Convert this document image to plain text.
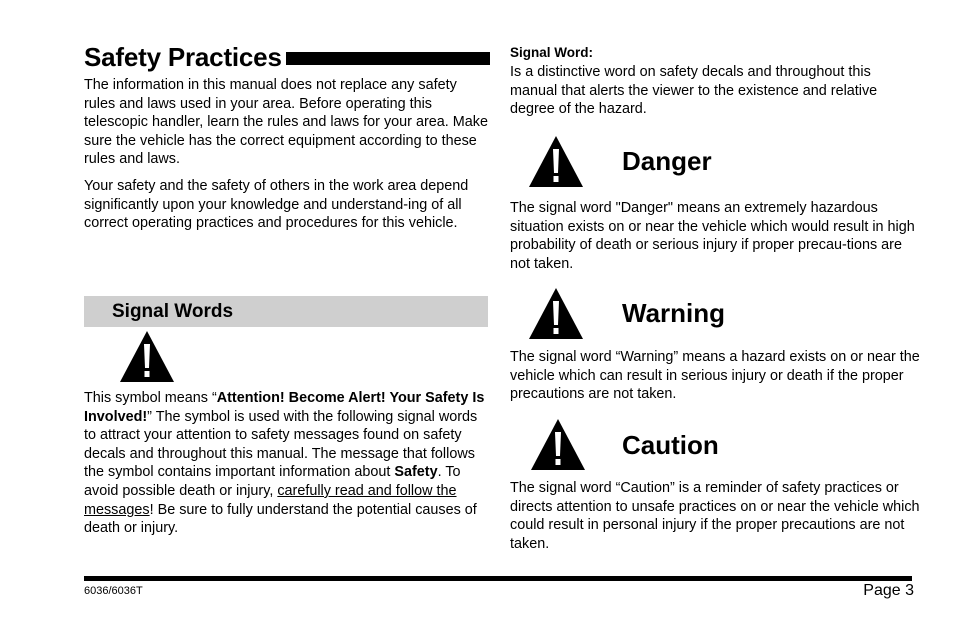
Safety Practices

The information in this manual does not replace any safety rules and laws used in your area. Before operating this telescopic handler, learn the rules and laws for your area. Make sure the vehicle has the correct equipment according to these rules and laws.

Your safety and the safety of others in the work area depend significantly upon your knowledge and understand-ing of all correct operating practices and procedures for this vehicle.

Signal Words

This symbol means “Attention! Become Alert! Your Safety Is Involved!” The symbol is used with the following signal words to attract your attention to safety messages found on safety decals and throughout this manual. The message that follows the symbol contains important information about Safety. To avoid possible death or injury, carefully read and follow the messages! Be sure to fully understand the potential causes of death or injury.

Signal Word:

Is a distinctive word on safety decals and throughout this manual that alerts the viewer to the existence and relative degree of the hazard.

Danger

The signal word "Danger" means an extremely hazardous situation exists on or near the vehicle which would result in high probability of death or serious injury if proper precau-tions are not taken.

Warning

The signal word “Warning” means a hazard exists on or near the vehicle which can result in serious injury or death if the proper precautions are not taken.

Caution

The signal word “Caution” is a reminder of safety practices or directs attention to unsafe practices on or near the vehicle which could result in personal injury if the proper precautions are not taken.

6036/6036T	Page 3
